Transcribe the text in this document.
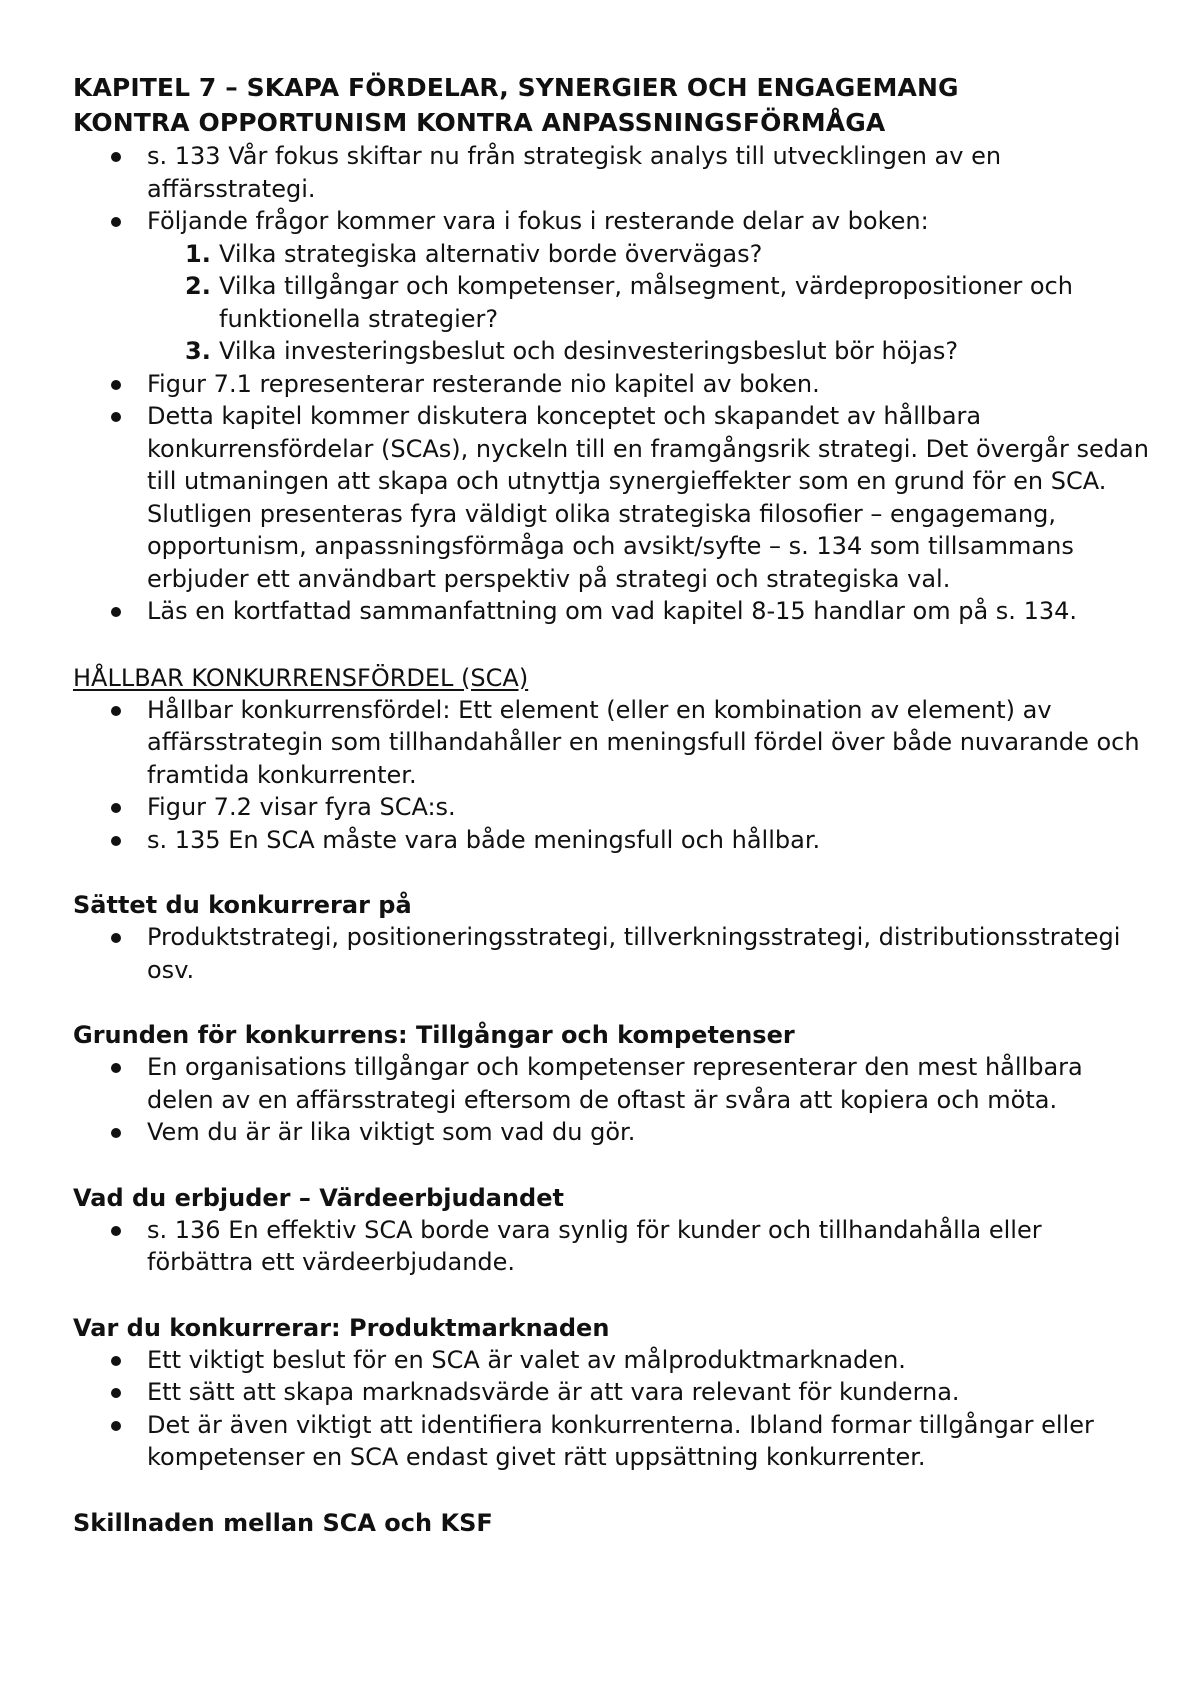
KAPITEL 7 – SKAPA FÖRDELAR, SYNERGIER OCH ENGAGEMANG
KONTRA OPPORTUNISM KONTRA ANPASSNINGSFÖRMÅGA
s. 133 Vår fokus skiftar nu från strategisk analys till utvecklingen av en affärsstrategi.
Följande frågor kommer vara i fokus i resterande delar av boken:
1. Vilka strategiska alternativ borde övervägas?
2. Vilka tillgångar och kompetenser, målsegment, värdepropositioner och funktionella strategier?
3. Vilka investeringsbeslut och desinvesteringsbeslut bör höjas?
Figur 7.1 representerar resterande nio kapitel av boken.
Detta kapitel kommer diskutera konceptet och skapandet av hållbara konkurrensfördelar (SCAs), nyckeln till en framgångsrik strategi. Det övergår sedan till utmaningen att skapa och utnyttja synergieffekter som en grund för en SCA. Slutligen presenteras fyra väldigt olika strategiska filosofier – engagemang, opportunism, anpassningsförmåga och avsikt/syfte – s. 134 som tillsammans erbjuder ett användbart perspektiv på strategi och strategiska val.
Läs en kortfattad sammanfattning om vad kapitel 8-15 handlar om på s. 134.
HÅLLBAR KONKURRENSFÖRDEL (SCA)
Hållbar konkurrensfördel: Ett element (eller en kombination av element) av affärsstrategin som tillhandahåller en meningsfull fördel över både nuvarande och framtida konkurrenter.
Figur 7.2 visar fyra SCA:s.
s. 135 En SCA måste vara både meningsfull och hållbar.
Sättet du konkurrerar på
Produktstrategi, positioneringsstrategi, tillverkningsstrategi, distributionsstrategi osv.
Grunden för konkurrens: Tillgångar och kompetenser
En organisations tillgångar och kompetenser representerar den mest hållbara delen av en affärsstrategi eftersom de oftast är svåra att kopiera och möta.
Vem du är är lika viktigt som vad du gör.
Vad du erbjuder – Värdeerbjudandet
s. 136 En effektiv SCA borde vara synlig för kunder och tillhandahålla eller förbättra ett värdeerbjudande.
Var du konkurrerar: Produktmarknaden
Ett viktigt beslut för en SCA är valet av målproduktmarknaden.
Ett sätt att skapa marknadsvärde är att vara relevant för kunderna.
Det är även viktigt att identifiera konkurrenterna. Ibland formar tillgångar eller kompetenser en SCA endast givet rätt uppsättning konkurrenter.
Skillnaden mellan SCA och KSF
